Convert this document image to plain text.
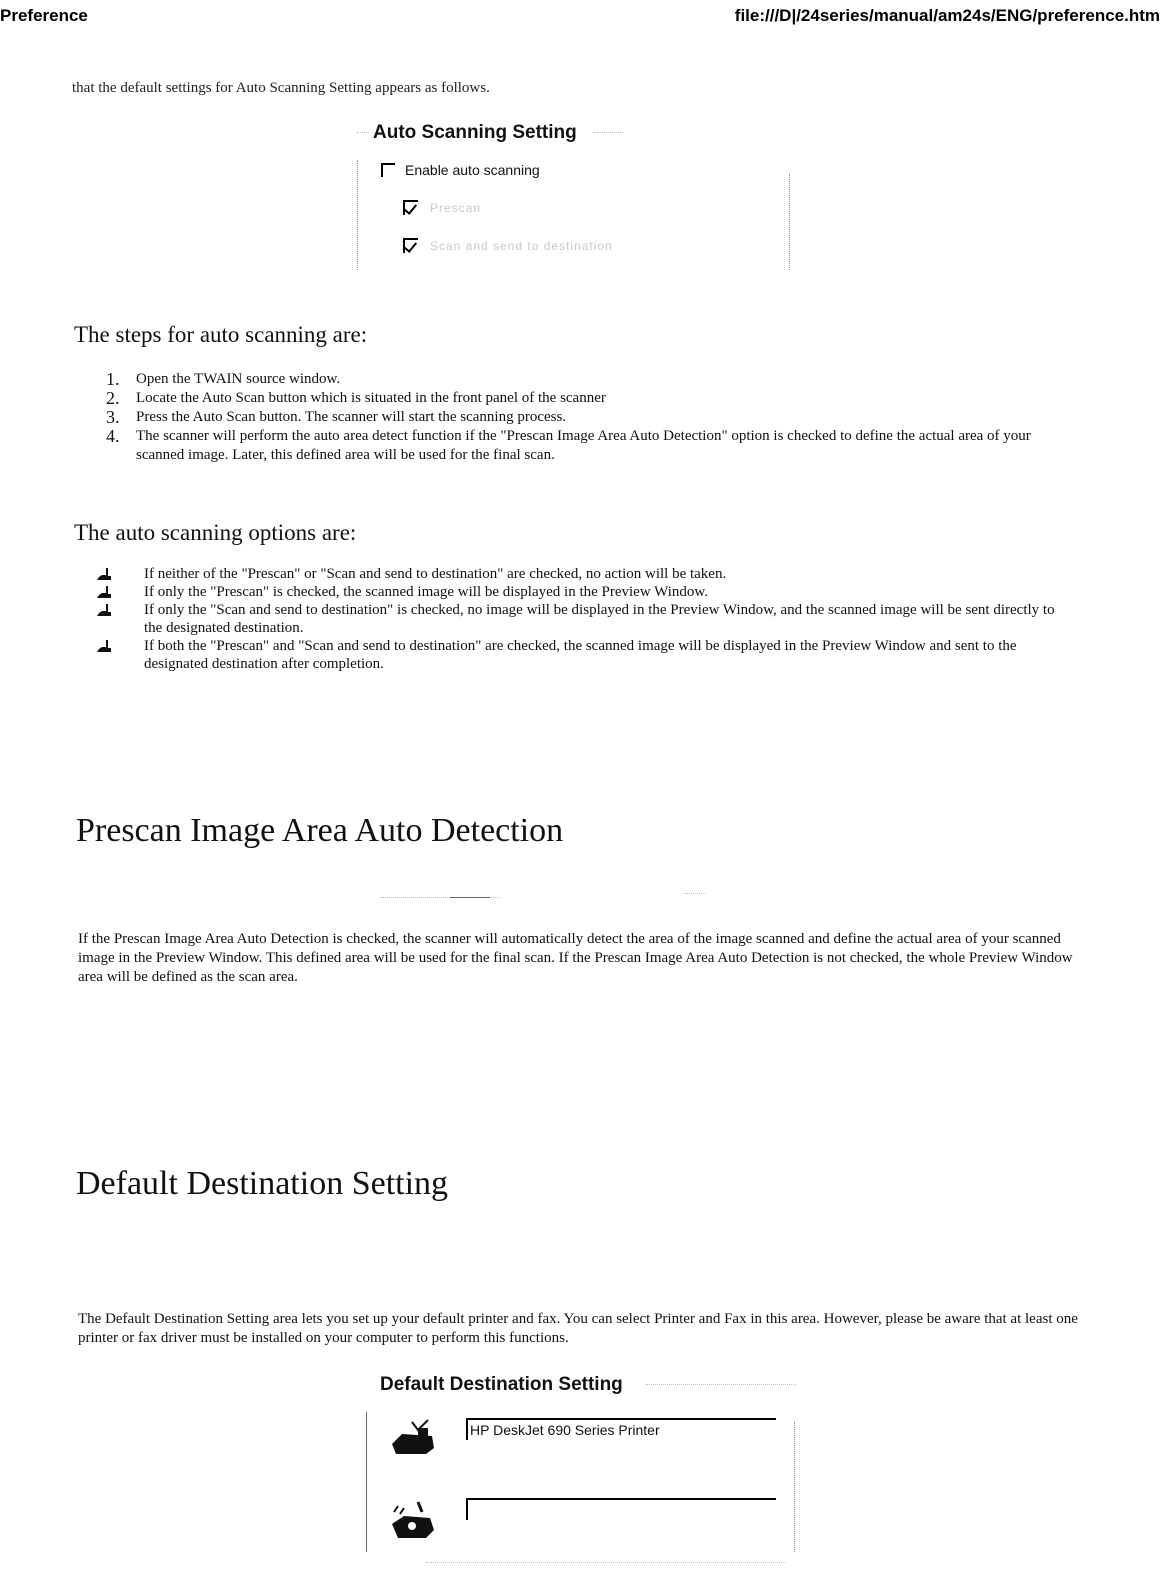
Preference	file:///D|/24series/manual/am24s/ENG/preference.htm
that the default settings for Auto Scanning Setting appears as follows.
Auto Scanning Setting
Enable auto scanning
Prescan
Scan and send to destination
The steps for auto scanning are:
1. Open the TWAIN source window.
2. Locate the Auto Scan button which is situated in the front panel of the scanner
3. Press the Auto Scan button. The scanner will start the scanning process.
4. The scanner will perform the auto area detect function if the "Prescan Image Area Auto Detection" option is checked to define the actual area of your scanned image. Later, this defined area will be used for the final scan.
The auto scanning options are:
If neither of the "Prescan" or "Scan and send to destination" are checked, no action will be taken.
If only the "Prescan" is checked, the scanned image will be displayed in the Preview Window.
If only the "Scan and send to destination" is checked, no image will be displayed in the Preview Window, and the scanned image will be sent directly to the designated destination.
If both the "Prescan" and "Scan and send to destination" are checked, the scanned image will be displayed in the Preview Window and sent to the designated destination after completion.
Prescan Image Area Auto Detection

If the Prescan Image Area Auto Detection is checked, the scanner will automatically detect the area of the image scanned and define the actual area of your scanned image in the Preview Window. This defined area will be used for the final scan. If the Prescan Image Area Auto Detection is not checked, the whole Preview Window area will be defined as the scan area.

Default Destination Setting

The Default Destination Setting area lets you set up your default printer and fax. You can select Printer and Fax in this area. However, please be aware that at least one printer or fax driver must be installed on your computer to perform this functions.

Default Destination Setting
HP DeskJet 690 Series Printer
